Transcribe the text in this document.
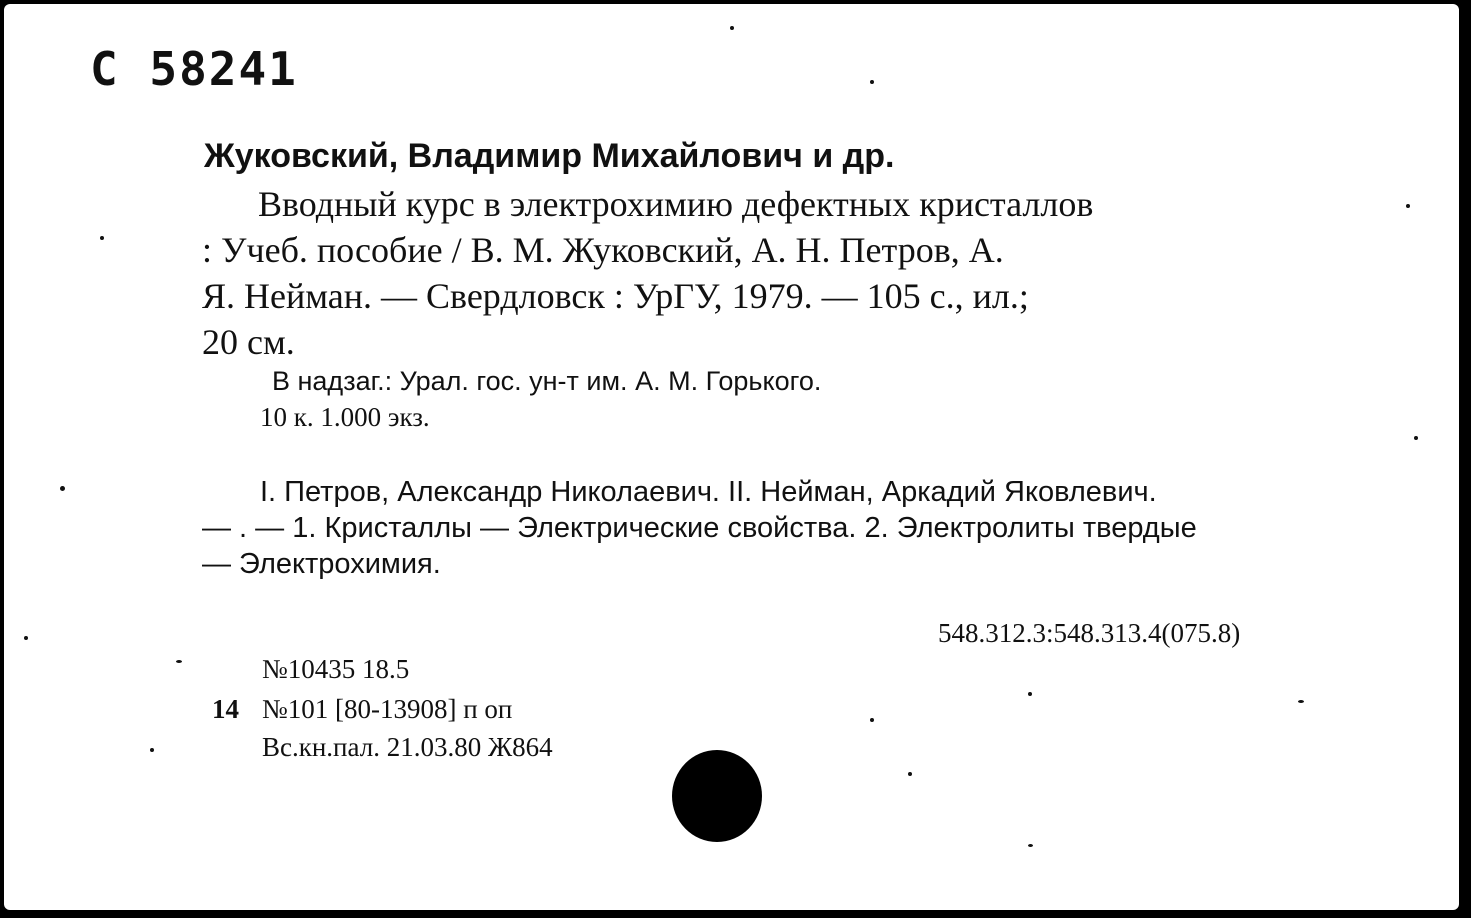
С 58241
Жуковский, Владимир Михайлович и др.
Вводный курс в электрохимию дефектных кристаллов
: Учеб. пособие / В. М. Жуковский, А. Н. Петров, А.
Я. Нейман. — Свердловск : УрГУ, 1979. — 105 с., ил.;
20 см.
В надзаг.: Урал. гос. ун-т им. А. М. Горького.
10 к. 1.000 экз.
I. Петров, Александр Николаевич. II. Нейман, Аркадий Яковлевич.
— . — 1. Кристаллы — Электрические свойства. 2. Электролиты твердые
— Электрохимия.
548.312.3:548.313.4(075.8)
№10435 18.5
14 №101 [80-13908] п оп
Вс.кн.пал. 21.03.80 Ж864
